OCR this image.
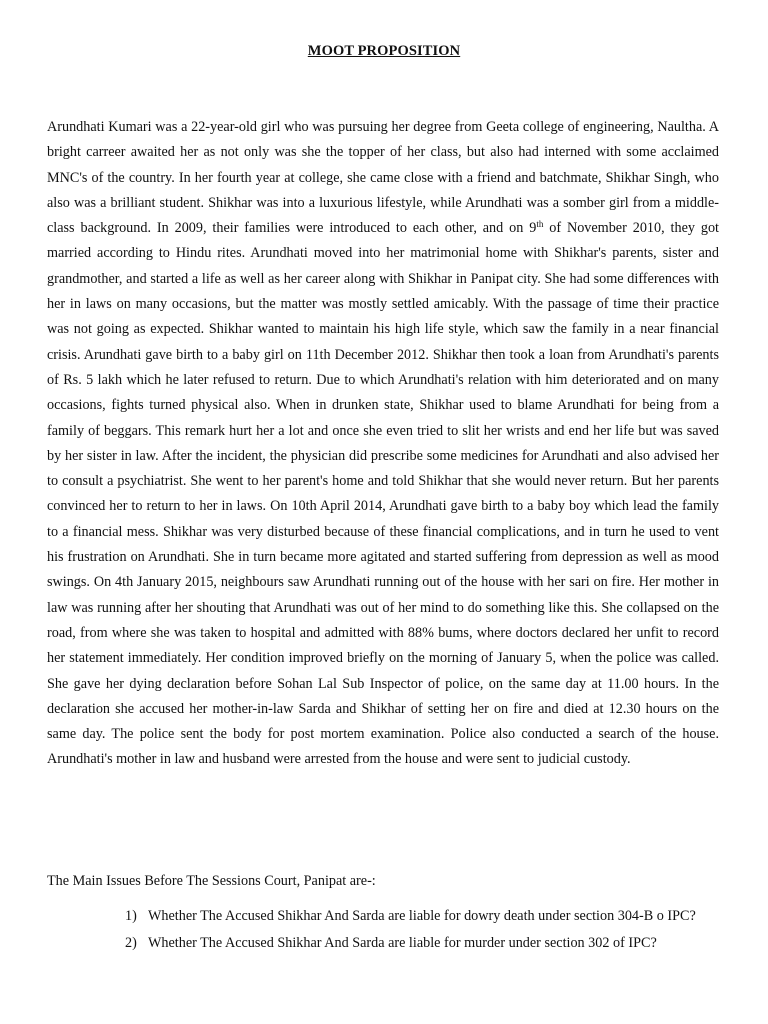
MOOT PROPOSITION
Arundhati Kumari was a 22-year-old girl who was pursuing her degree from Geeta college of engineering, Naultha. A bright carreer awaited her as not only was she the topper of her class, but also had interned with some acclaimed MNC's of the country. In her fourth year at college, she came close with a friend and batchmate, Shikhar Singh, who also was a brilliant student. Shikhar was into a luxurious lifestyle, while Arundhati was a somber girl from a middle-class background. In 2009, their families were introduced to each other, and on 9th of November 2010, they got married according to Hindu rites. Arundhati moved into her matrimonial home with Shikhar's parents, sister and grandmother, and started a life as well as her career along with Shikhar in Panipat city. She had some differences with her in laws on many occasions, but the matter was mostly settled amicably. With the passage of time their practice was not going as expected. Shikhar wanted to maintain his high life style, which saw the family in a near financial crisis. Arundhati gave birth to a baby girl on 11th December 2012. Shikhar then took a loan from Arundhati's parents of Rs. 5 lakh which he later refused to return. Due to which Arundhati's relation with him deteriorated and on many occasions, fights turned physical also. When in drunken state, Shikhar used to blame Arundhati for being from a family of beggars. This remark hurt her a lot and once she even tried to slit her wrists and end her life but was saved by her sister in law. After the incident, the physician did prescribe some medicines for Arundhati and also advised her to consult a psychiatrist. She went to her parent's home and told Shikhar that she would never return. But her parents convinced her to return to her in laws. On 10th April 2014, Arundhati gave birth to a baby boy which lead the family to a financial mess. Shikhar was very disturbed because of these financial complications, and in turn he used to vent his frustration on Arundhati. She in turn became more agitated and started suffering from depression as well as mood swings. On 4th January 2015, neighbours saw Arundhati running out of the house with her sari on fire. Her mother in law was running after her shouting that Arundhati was out of her mind to do something like this. She collapsed on the road, from where she was taken to hospital and admitted with 88% bums, where doctors declared her unfit to record her statement immediately. Her condition improved briefly on the morning of January 5, when the police was called. She gave her dying declaration before Sohan Lal Sub Inspector of police, on the same day at 11.00 hours. In the declaration she accused her mother-in-law Sarda and Shikhar of setting her on fire and died at 12.30 hours on the same day. The police sent the body for post mortem examination. Police also conducted a search of the house. Arundhati's mother in law and husband were arrested from the house and were sent to judicial custody.
The Main Issues Before The Sessions Court, Panipat are-:
1) Whether The Accused Shikhar And Sarda are liable for dowry death under section 304-B o IPC?
2) Whether The Accused Shikhar And Sarda are liable for murder under section 302 of IPC?
